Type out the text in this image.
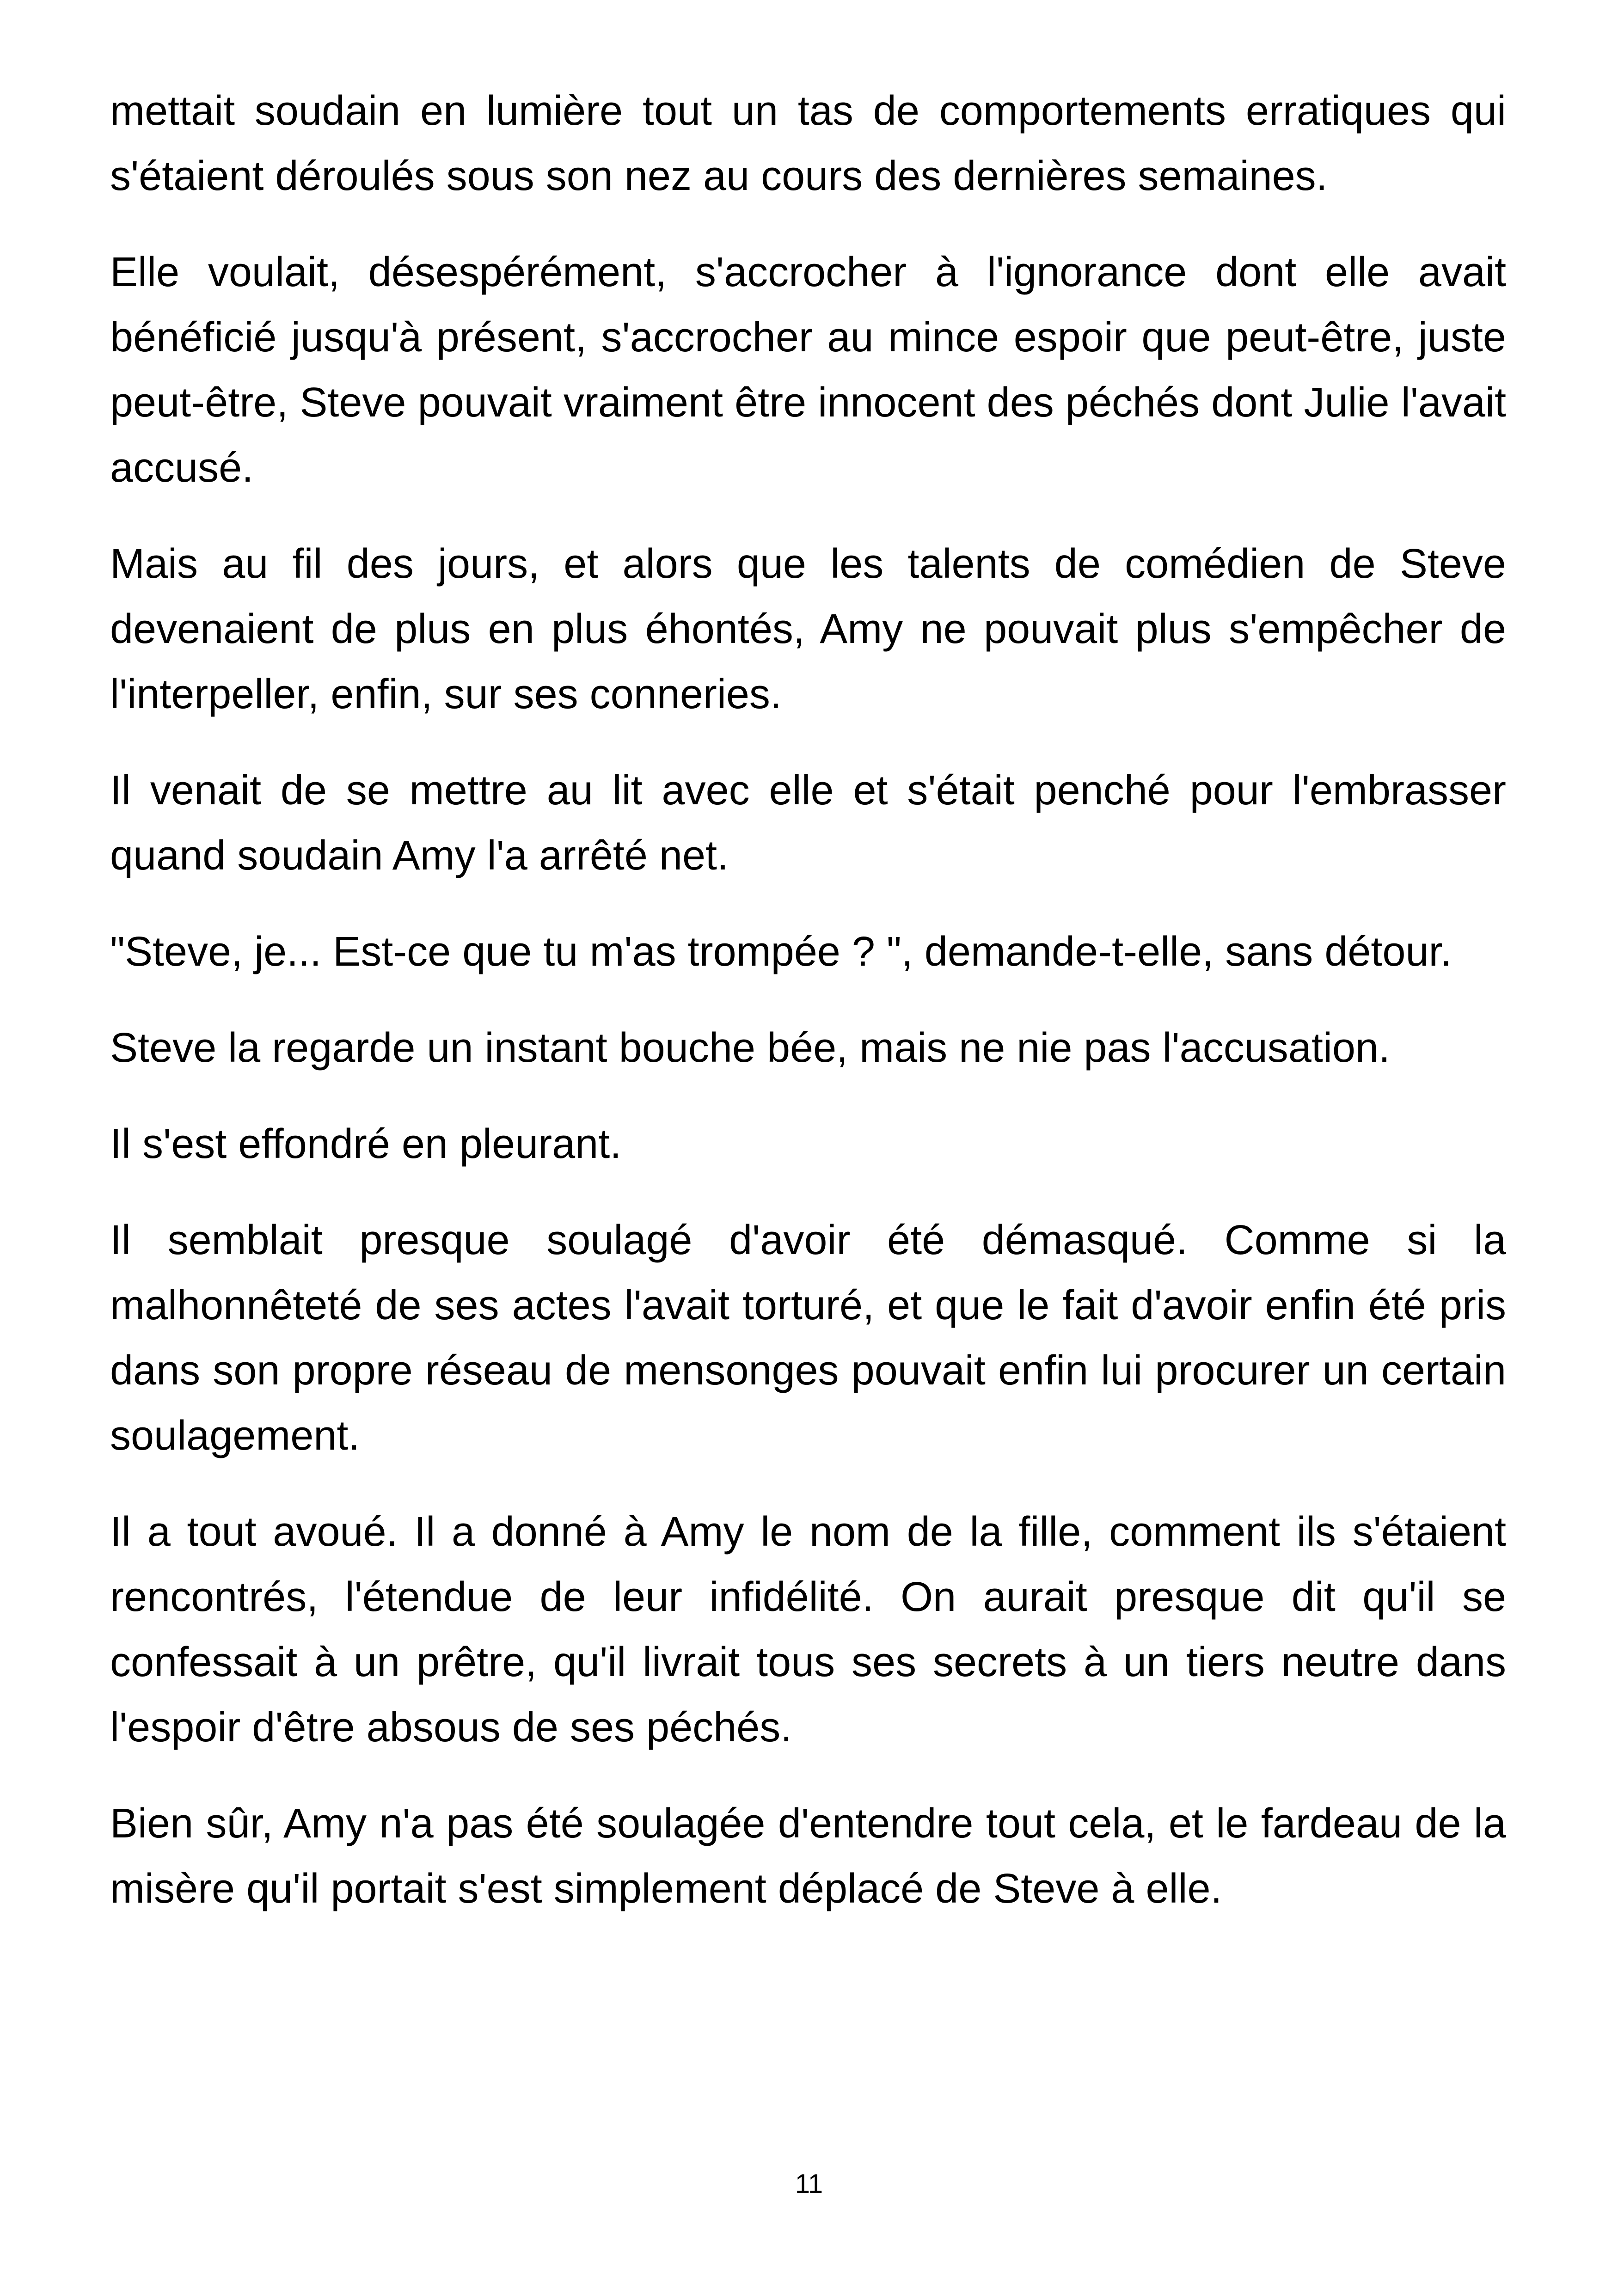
mettait soudain en lumière tout un tas de comportements erratiques qui s'étaient déroulés sous son nez au cours des dernières semaines.

Elle voulait, désespérément, s'accrocher à l'ignorance dont elle avait bénéficié jusqu'à présent, s'accrocher au mince espoir que peut-être, juste peut-être, Steve pouvait vraiment être innocent des péchés dont Julie l'avait accusé.

Mais au fil des jours, et alors que les talents de comédien de Steve devenaient de plus en plus éhontés, Amy ne pouvait plus s'empêcher de l'interpeller, enfin, sur ses conneries.

Il venait de se mettre au lit avec elle et s'était penché pour l'embrasser quand soudain Amy l'a arrêté net.

"Steve, je... Est-ce que tu m'as trompée ? ", demande-t-elle, sans détour.

Steve la regarde un instant bouche bée, mais ne nie pas l'accusation.

Il s'est effondré en pleurant.

Il semblait presque soulagé d'avoir été démasqué. Comme si la malhonnêteté de ses actes l'avait torturé, et que le fait d'avoir enfin été pris dans son propre réseau de mensonges pouvait enfin lui procurer un certain soulagement.

Il a tout avoué. Il a donné à Amy le nom de la fille, comment ils s'étaient rencontrés, l'étendue de leur infidélité. On aurait presque dit qu'il se confessait à un prêtre, qu'il livrait tous ses secrets à un tiers neutre dans l'espoir d'être absous de ses péchés.

Bien sûr, Amy n'a pas été soulagée d'entendre tout cela, et le fardeau de la misère qu'il portait s'est simplement déplacé de Steve à elle.

11
